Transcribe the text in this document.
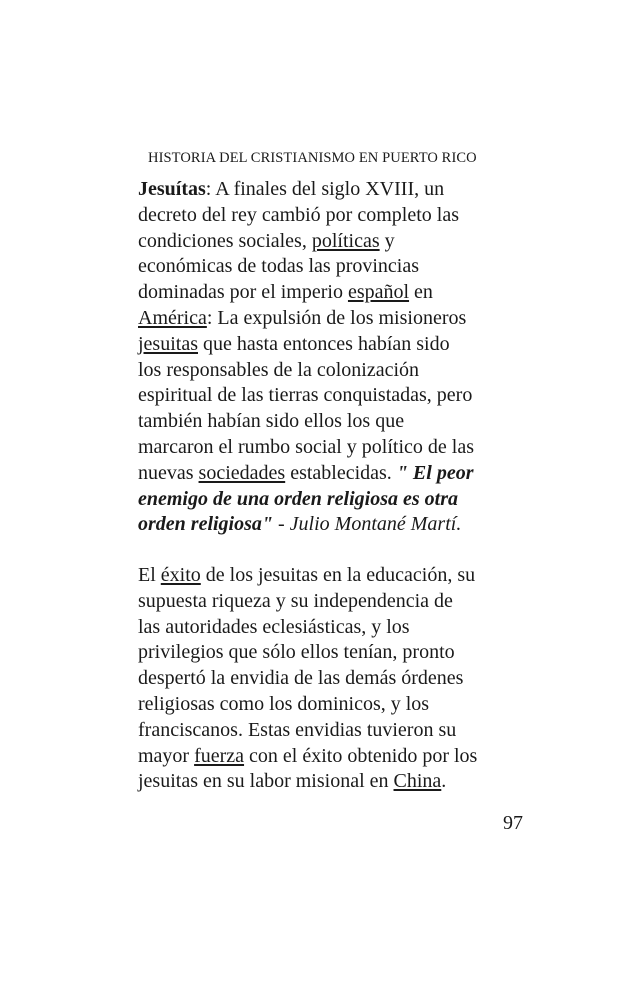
HISTORIA DEL CRISTIANISMO EN PUERTO RICO
Jesuítas: A finales del siglo XVIII, un
decreto del rey cambió por completo las
condiciones sociales, políticas y
económicas de todas las provincias
dominadas por el imperio español en
América: La expulsión de los misioneros
jesuitas que hasta entonces habían sido
los responsables de la colonización
espiritual de las tierras conquistadas, pero
también habían sido ellos los que
marcaron el rumbo social y político de las
nuevas sociedades establecidas. " El peor
enemigo de una orden religiosa es otra
orden religiosa" - Julio Montané Martí.
El éxito de los jesuitas en la educación, su
supuesta riqueza y su independencia de
las autoridades eclesiásticas, y los
privilegios que sólo ellos tenían, pronto
despertó la envidia de las demás órdenes
religiosas como los dominicos, y los
franciscanos. Estas envidias tuvieron su
mayor fuerza con el éxito obtenido por los
jesuitas en su labor misional en China.
97
